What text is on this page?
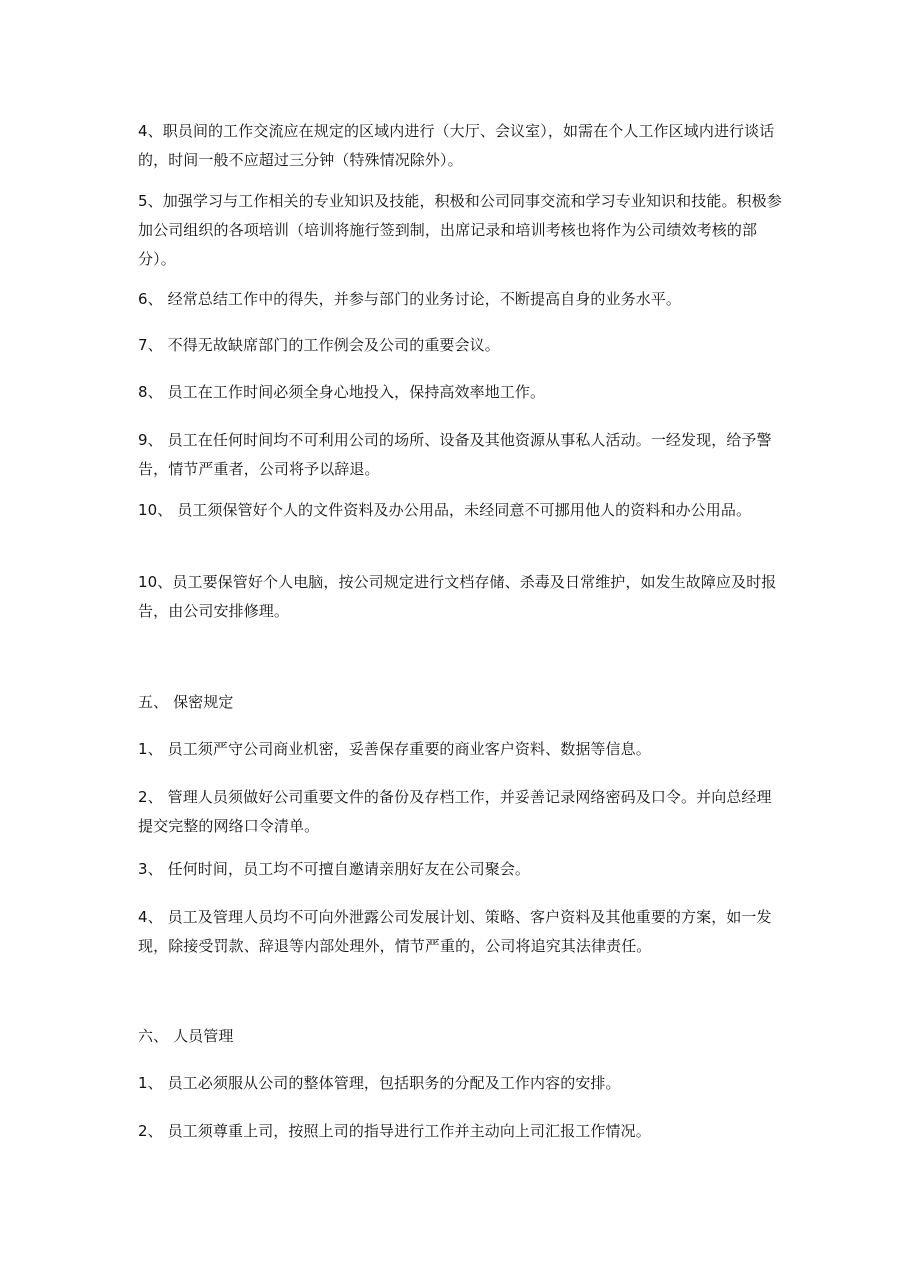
4、职员间的工作交流应在规定的区域内进行（大厅、会议室），如需在个人工作区域内进行谈话的，时间一般不应超过三分钟（特殊情况除外）。

5、加强学习与工作相关的专业知识及技能，积极和公司同事交流和学习专业知识和技能。积极参加公司组织的各项培训（培训将施行签到制，出席记录和培训考核也将作为公司绩效考核的部分）。

6、 经常总结工作中的得失，并参与部门的业务讨论，不断提高自身的业务水平。

7、 不得无故缺席部门的工作例会及公司的重要会议。

8、 员工在工作时间必须全身心地投入，保持高效率地工作。

9、 员工在任何时间均不可利用公司的场所、设备及其他资源从事私人活动。一经发现，给予警告，情节严重者，公司将予以辞退。

10、 员工须保管好个人的文件资料及办公用品，未经同意不可挪用他人的资料和办公用品。

10、员工要保管好个人电脑，按公司规定进行文档存储、杀毒及日常维护，如发生故障应及时报告，由公司安排修理。

五、 保密规定

1、 员工须严守公司商业机密，妥善保存重要的商业客户资料、数据等信息。

2、 管理人员须做好公司重要文件的备份及存档工作，并妥善记录网络密码及口令。并向总经理提交完整的网络口令清单。

3、 任何时间，员工均不可擅自邀请亲朋好友在公司聚会。

4、 员工及管理人员均不可向外泄露公司发展计划、策略、客户资料及其他重要的方案，如一发现，除接受罚款、辞退等内部处理外，情节严重的，公司将追究其法律责任。

六、 人员管理

1、 员工必须服从公司的整体管理，包括职务的分配及工作内容的安排。

2、 员工须尊重上司，按照上司的指导进行工作并主动向上司汇报工作情况。
